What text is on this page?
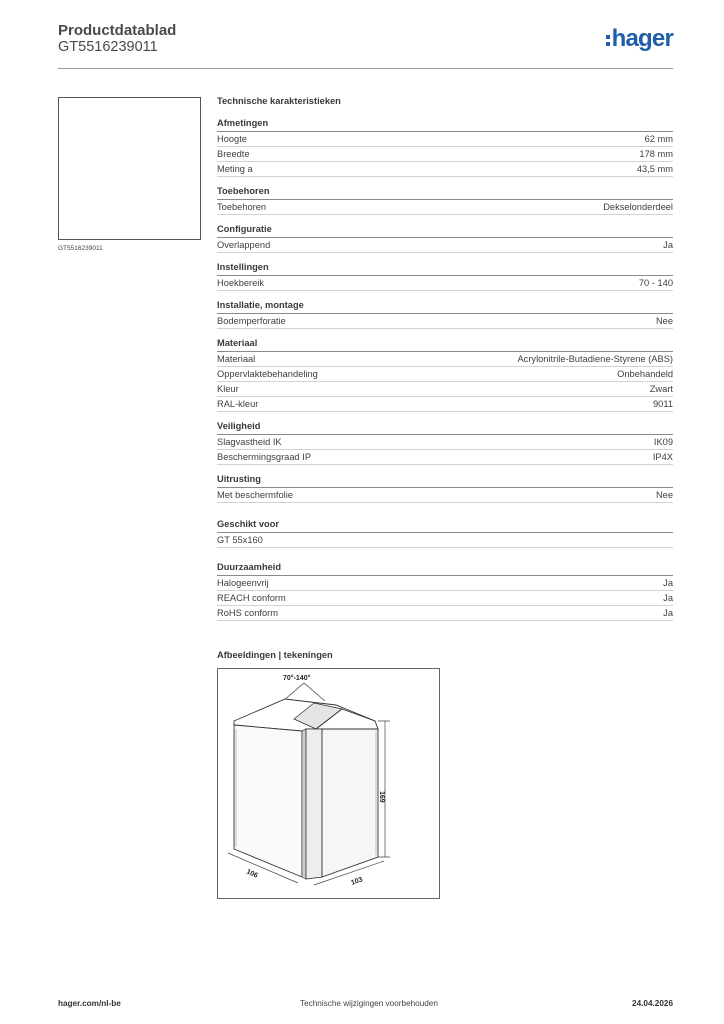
Productdatablad
GT5516239011	hager
GT5516239011
Technische karakteristieken
Afmetingen
Hoogte	62 mm
Breedte	178 mm
Meting a	43,5 mm
Toebehoren
Toebehoren	Dekselonderdeel
Configuratie
Overlappend	Ja
Instellingen
Hoekbereik	70 - 140
Installatie, montage
Bodemperforatie	Nee
Materiaal
Materiaal	Acrylonitrile-Butadiene-Styrene (ABS)
Oppervlaktebehandeling	Onbehandeld
Kleur	Zwart
RAL-kleur	9011
Veiligheid
Slagvastheid IK	IK09
Beschermingsgraad IP	IP4X
Uitrusting
Met beschermfolie	Nee
Geschikt voor
GT 55x160
Duurzaamheid
Halogeenvrij	Ja
REACH conform	Ja
RoHS conform	Ja
Afbeeldingen | tekeningen
70°-140°
169
106
103
hager.com/nl-be	Technische wijzigingen voorbehouden	24.04.2026
